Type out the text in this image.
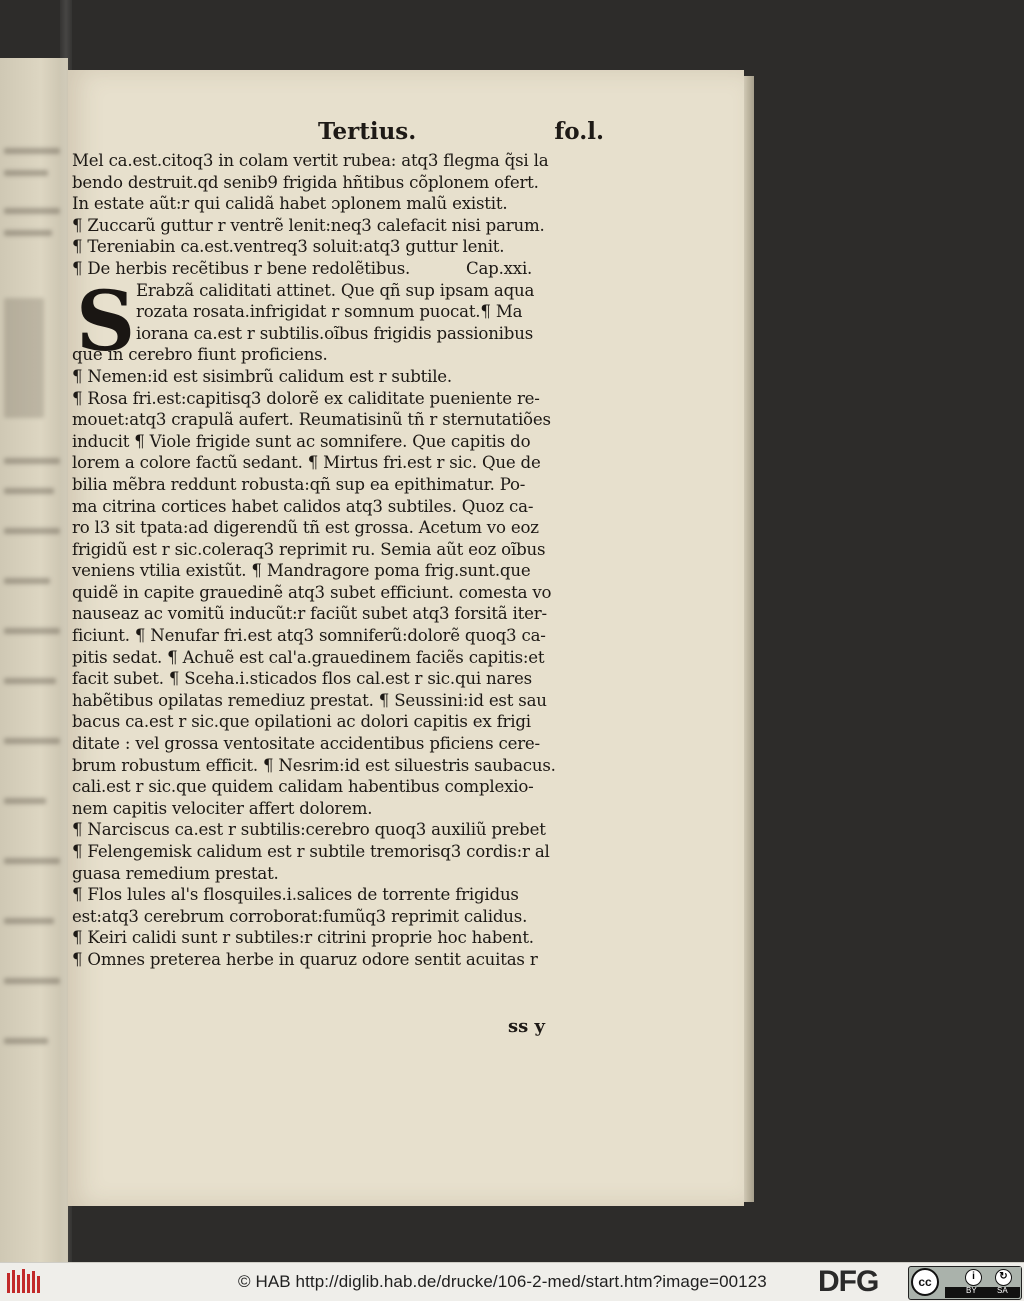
Tertius.	fo.l.
S
Mel ca.est.citoq3 in colam vertit rubea: atq3 flegma q̃si la
bendo destruit.qd senib9 frigida hñtibus cõplonem ofert.
In estate aũt:r qui calidã habet ɔplonem malũ existit.
¶ Zuccarũ guttur r ventrẽ lenit:neq3 calefacit nisi parum.
¶ Tereniabin ca.est.ventreq3 soluit:atq3 guttur lenit.
¶ De herbis recẽtibus r bene redolẽtibus.           Cap.xxi.
Erabzã caliditati attinet. Que qñ sup ipsam aqua
rozata rosata.infrigidat r somnum puocat.¶ Ma
iorana ca.est r subtilis.oĩbus frigidis passionibus
que in cerebro fiunt proficiens.
¶ Nemen:id est sisimbrũ calidum est r subtile.
¶ Rosa fri.est:capitisq3 dolorẽ ex caliditate pueniente re-
mouet:atq3 crapulã aufert. Reumatisinũ tñ r sternutatiões
inducit ¶ Viole frigide sunt ac somnifere. Que capitis do
lorem a colore factũ sedant. ¶ Mirtus fri.est r sic. Que de
bilia mẽbra reddunt robusta:qñ sup ea epithimatur. Po-
ma citrina cortices habet calidos atq3 subtiles. Quoz ca-
ro l3 sit tpata:ad digerendũ tñ est grossa. Acetum vo eoz
frigidũ est r sic.coleraq3 reprimit ru. Semia aũt eoz oĩbus
veniens vtilia existũt. ¶ Mandragore poma frig.sunt.que
quidẽ in capite grauedinẽ atq3 subet efficiunt. comesta vo
nauseaz ac vomitũ inducũt:r faciũt subet atq3 forsitã iter-
ficiunt. ¶ Nenufar fri.est atq3 somniferũ:dolorẽ quoq3 ca-
pitis sedat. ¶ Achuẽ est cal'a.grauedinem faciẽs capitis:et
facit subet. ¶ Sceha.i.sticados flos cal.est r sic.qui nares
habẽtibus opilatas remediuz prestat. ¶ Seussini:id est sau
bacus ca.est r sic.que opilationi ac dolori capitis ex frigi
ditate : vel grossa ventositate accidentibus pficiens cere-
brum robustum efficit. ¶ Nesrim:id est siluestris saubacus.
cali.est r sic.que quidem calidam habentibus complexio-
nem capitis velociter affert dolorem.
¶ Narciscus ca.est r subtilis:cerebro quoq3 auxiliũ prebet
¶ Felengemisk calidum est r subtile tremorisq3 cordis:r al
guasa remedium prestat.
¶ Flos lules al's flosquiles.i.salices de torrente frigidus
est:atq3 cerebrum corroborat:fumũq3 reprimit calidus.
¶ Keiri calidi sunt r subtiles:r citrini proprie hoc habent.
¶ Omnes preterea herbe in quaruz odore sentit acuitas r
ss y
© HAB http://diglib.hab.de/drucke/106-2-med/start.htm?image=00123 DFG	cc	i	↻
BY	SA
